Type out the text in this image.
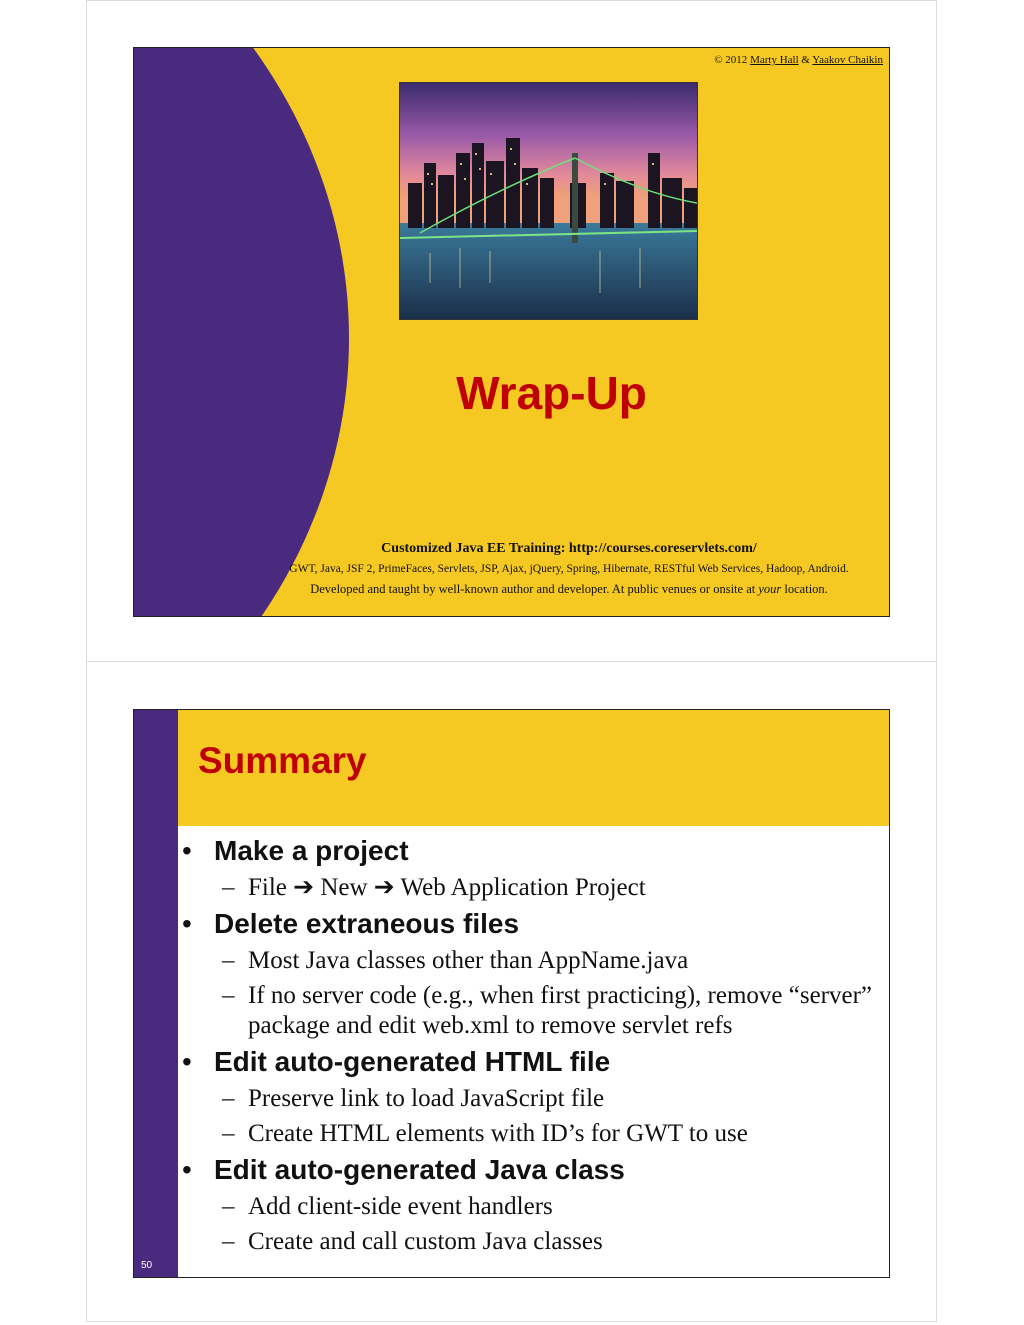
© 2012 Marty Hall & Yaakov Chaikin
Wrap-Up
Customized Java EE Training: http://courses.coreservlets.com/
GWT, Java, JSF 2, PrimeFaces, Servlets, JSP, Ajax, jQuery, Spring, Hibernate, RESTful Web Services, Hadoop, Android.
Developed and taught by well-known author and developer. At public venues or onsite at your location.
Summary
• Make a project
– File ➔ New ➔ Web Application Project
• Delete extraneous files
– Most Java classes other than AppName.java
– If no server code (e.g., when first practicing), remove “server” package and edit web.xml to remove servlet refs
• Edit auto-generated HTML file
– Preserve link to load JavaScript file
– Create HTML elements with ID’s for GWT to use
• Edit auto-generated Java class
– Add client-side event handlers
– Create and call custom Java classes
50
